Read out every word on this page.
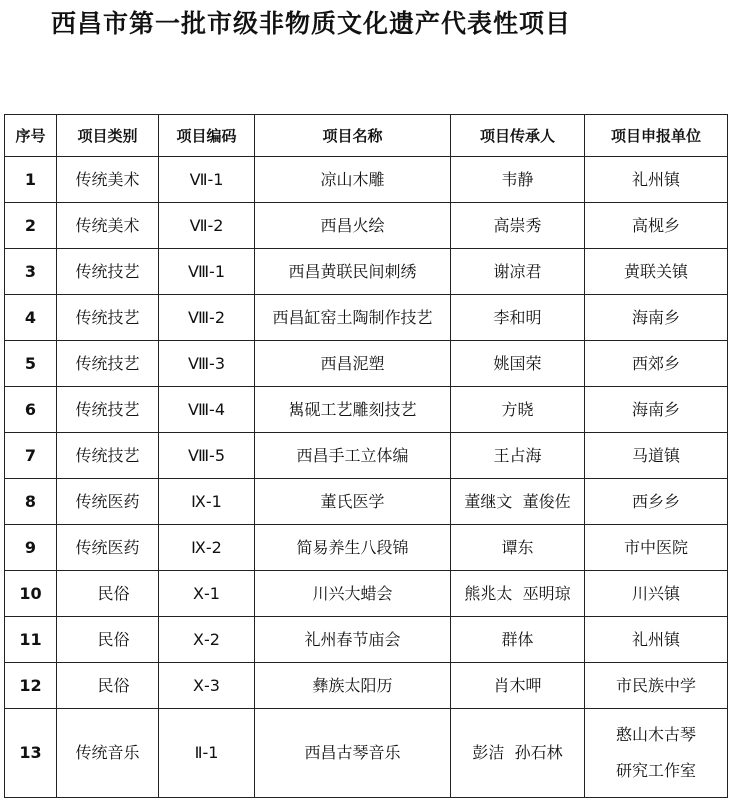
西昌市第一批市级非物质文化遗产代表性项目
序号	项目类别	项目编码	项目名称	项目传承人	项目申报单位
1	传统美术	Ⅶ-1	凉山木雕	韦静	礼州镇
2	传统美术	Ⅶ-2	西昌火绘	高崇秀	高枧乡
3	传统技艺	Ⅷ-1	西昌黄联民间刺绣	谢凉君	黄联关镇
4	传统技艺	Ⅷ-2	西昌缸窑土陶制作技艺	李和明	海南乡
5	传统技艺	Ⅷ-3	西昌泥塑	姚国荣	西郊乡
6	传统技艺	Ⅷ-4	嶲砚工艺雕刻技艺	方晓	海南乡
7	传统技艺	Ⅷ-5	西昌手工立体编	王占海	马道镇
8	传统医药	Ⅸ-1	董氏医学	董继文  董俊佐	西乡乡
9	传统医药	Ⅸ-2	简易养生八段锦	谭东	市中医院
10	民俗	Ⅹ-1	川兴大蜡会	熊兆太  巫明琼	川兴镇
11	民俗	Ⅹ-2	礼州春节庙会	群体	礼州镇
12	民俗	Ⅹ-3	彝族太阳历	肖木呷	市民族中学
13	传统音乐	Ⅱ-1	西昌古琴音乐	彭洁  孙石林	憨山木古琴
研究工作室
